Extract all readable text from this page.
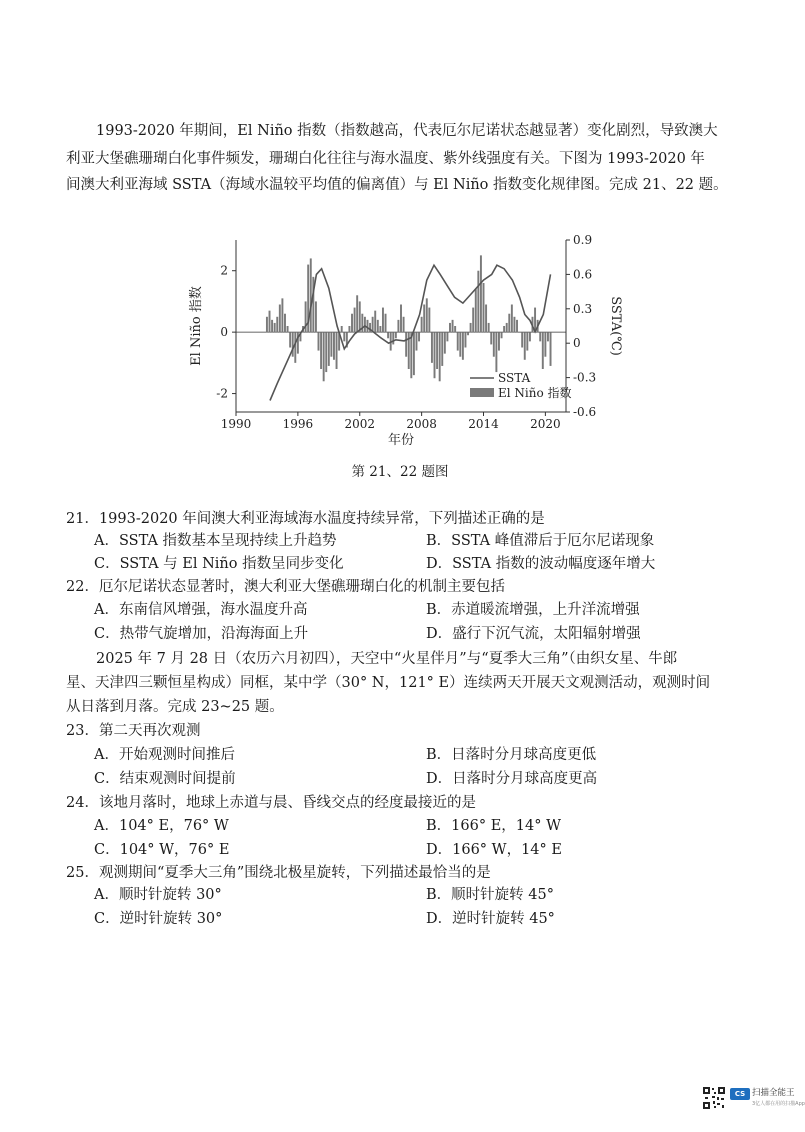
1993-2020 年期间，El Niño 指数（指数越高，代表厄尔尼诺状态越显著）变化剧烈，导致澳大
利亚大堡礁珊瑚白化事件频发，珊瑚白化往往与海水温度、紫外线强度有关。下图为 1993-2020 年
间澳大利亚海域 SSTA（海域水温较平均值的偏离值）与 El Niño 指数变化规律图。完成 21、22 题。
1990	1996	2002	2008	2014	2020
2
0
-2
0.9
0.6
0.3
0
-0.3
-0.6
El Niño 指数	SSTA(℃)
年份
SSTA
El Niño 指数
第 21、22 题图
21．1993-2020 年间澳大利亚海域海水温度持续异常，下列描述正确的是
A．SSTA 指数基本呈现持续上升趋势	B．SSTA 峰值滞后于厄尔尼诺现象
C．SSTA 与 El Niño 指数呈同步变化	D．SSTA 指数的波动幅度逐年增大
22．厄尔尼诺状态显著时，澳大利亚大堡礁珊瑚白化的机制主要包括
A．东南信风增强，海水温度升高	B．赤道暖流增强，上升洋流增强
C．热带气旋增加，沿海海面上升	D．盛行下沉气流，太阳辐射增强
2025 年 7 月 28 日（农历六月初四），天空中“火星伴月”与“夏季大三角”（由织女星、牛郎
星、天津四三颗恒星构成）同框，某中学（30° N，121° E）连续两天开展天文观测活动，观测时间
从日落到月落。完成 23~25 题。
23．第二天再次观测
A．开始观测时间推后	B．日落时分月球高度更低
C．结束观测时间提前	D．日落时分月球高度更高
24．该地月落时，地球上赤道与晨、昏线交点的经度最接近的是
A．104° E，76° W	B．166° E，14° W
C．104° W，76° E	D．166° W，14° E
25．观测期间“夏季大三角”围绕北极星旋转，下列描述最恰当的是
A．顺时针旋转 30°	B．顺时针旋转 45°
C．逆时针旋转 30°	D．逆时针旋转 45°
CS 扫描全能王
3亿人都在用的扫描App
